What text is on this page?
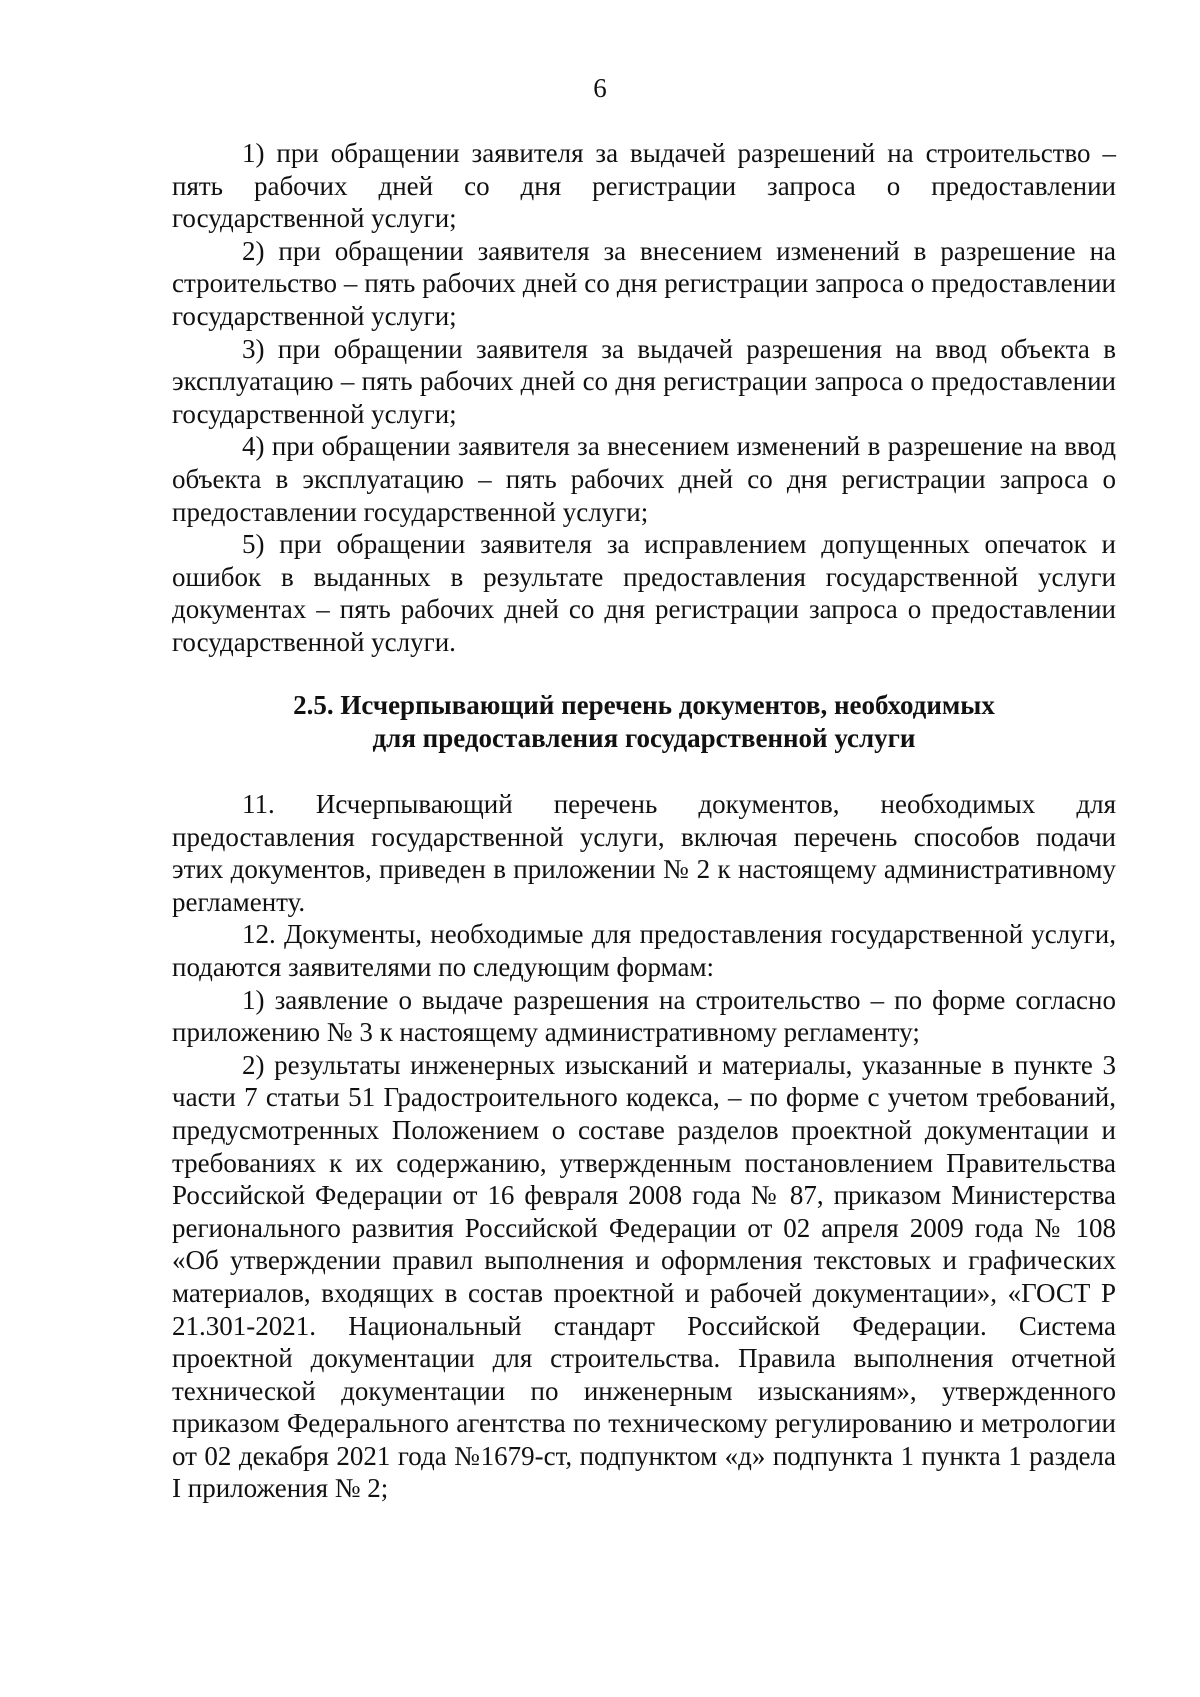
6

1) при обращении заявителя за выдачей разрешений на строительство – пять рабочих дней со дня регистрации запроса о предоставлении государственной услуги;

2) при обращении заявителя за внесением изменений в разрешение на строительство – пять рабочих дней со дня регистрации запроса о предоставлении государственной услуги;

3) при обращении заявителя за выдачей разрешения на ввод объекта в эксплуатацию – пять рабочих дней со дня регистрации запроса о предоставлении государственной услуги;

4) при обращении заявителя за внесением изменений в разрешение на ввод объекта в эксплуатацию – пять рабочих дней со дня регистрации запроса о предоставлении государственной услуги;

5) при обращении заявителя за исправлением допущенных опечаток и ошибок в выданных в результате предоставления государственной услуги документах – пять рабочих дней со дня регистрации запроса о предоставлении государственной услуги.

2.5. Исчерпывающий перечень документов, необходимых
для предоставления государственной услуги

11. Исчерпывающий перечень документов, необходимых для предоставления государственной услуги, включая перечень способов подачи этих документов, приведен в приложении № 2 к настоящему административному регламенту.

12. Документы, необходимые для предоставления государственной услуги, подаются заявителями по следующим формам:

1) заявление о выдаче разрешения на строительство – по форме согласно приложению № 3 к настоящему административному регламенту;

2) результаты инженерных изысканий и материалы, указанные в пункте 3 части 7 статьи 51 Градостроительного кодекса, – по форме с учетом требований, предусмотренных Положением о составе разделов проектной документации и требованиях к их содержанию, утвержденным постановлением Правительства Российской Федерации от 16 февраля 2008 года № 87, приказом Министерства регионального развития Российской Федерации от 02 апреля 2009 года № 108 «Об утверждении правил выполнения и оформления текстовых и графических материалов, входящих в состав проектной и рабочей документации», «ГОСТ Р 21.301-2021. Национальный стандарт Российской Федерации. Система проектной документации для строительства. Правила выполнения отчетной технической документации по инженерным изысканиям», утвержденного приказом Федерального агентства по техническому регулированию и метрологии от 02 декабря 2021 года №1679-ст, подпунктом «д» подпункта 1 пункта 1 раздела I приложения № 2;
